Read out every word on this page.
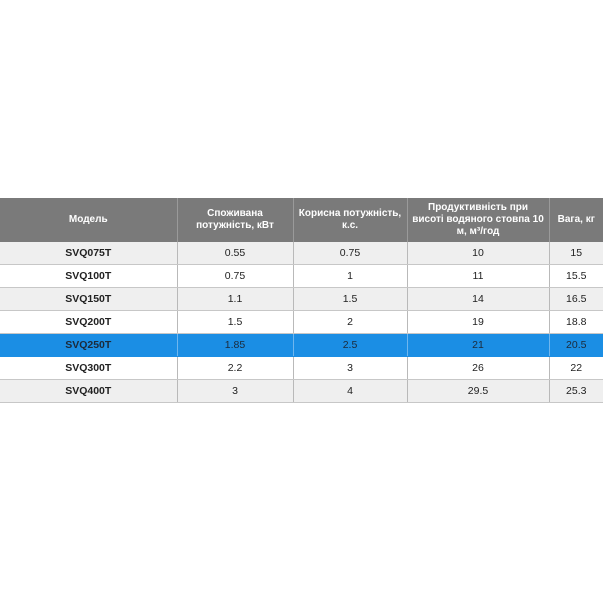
Модель	Споживана потужність, кВт	Корисна потужність, к.с.	Продуктивність при висоті водяного стовпа 10 м, м³/год	Вага, кг
SVQ075T	0.55	0.75	10	15
SVQ100T	0.75	1	11	15.5
SVQ150T	1.1	1.5	14	16.5
SVQ200T	1.5	2	19	18.8
SVQ250T	1.85	2.5	21	20.5
SVQ300T	2.2	3	26	22
SVQ400T	3	4	29.5	25.3
